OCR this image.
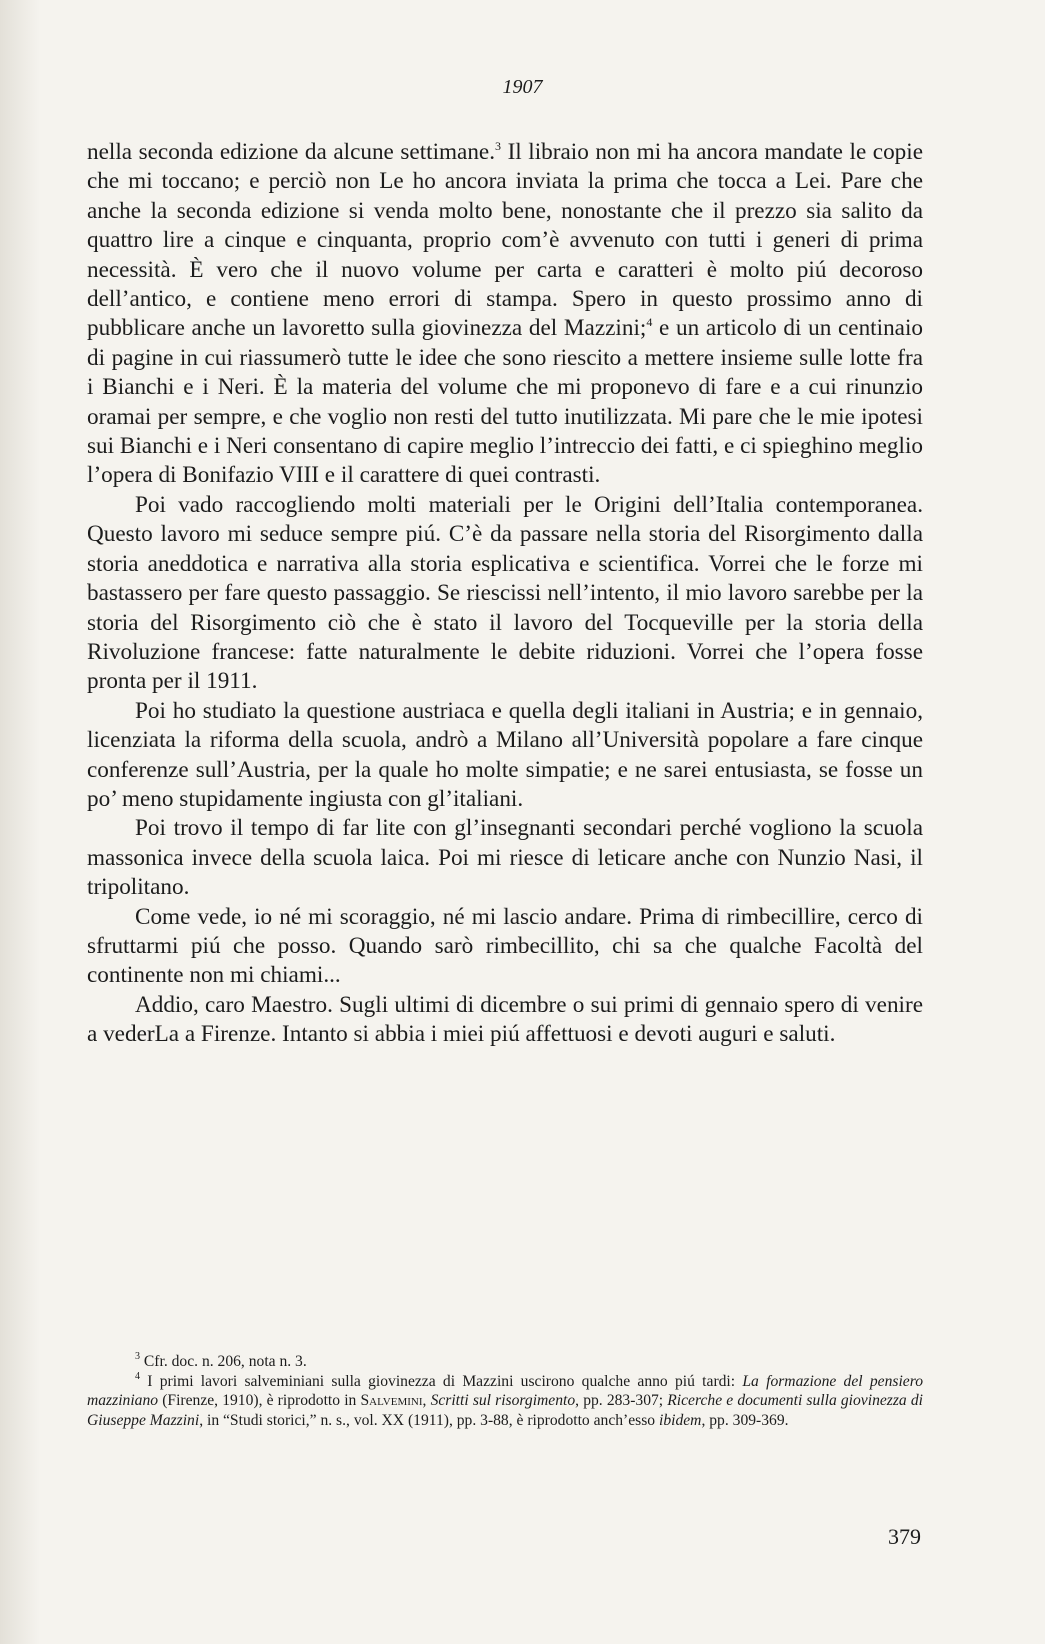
1907

nella seconda edizione da alcune settimane.$^3$ Il libraio non mi ha ancora mandate le copie che mi toccano; e perciò non Le ho ancora inviata la prima che tocca a Lei. Pare che anche la seconda edizione si venda molto bene, nonostante che il prezzo sia salito da quattro lire a cinque e cinquanta, proprio com’è avvenuto con tutti i generi di prima necessità. È vero che il nuovo volume per carta e caratteri è molto piú decoroso dell’antico, e contiene meno errori di stampa. Spero in questo prossimo anno di pubblicare anche un lavoretto sulla giovinezza del Mazzini;$^4$ e un articolo di un centinaio di pagine in cui riassumerò tutte le idee che sono riescito a mettere insieme sulle lotte fra i Bianchi e i Neri. È la materia del volume che mi proponevo di fare e a cui rinunzio oramai per sempre, e che voglio non resti del tutto inutilizzata. Mi pare che le mie ipotesi sui Bianchi e i Neri consentano di capire meglio l’intreccio dei fatti, e ci spieghino meglio l’opera di Bonifazio VIII e il carattere di quei contrasti.

Poi vado raccogliendo molti materiali per le Origini dell’Italia contemporanea. Questo lavoro mi seduce sempre piú. C’è da passare nella storia del Risorgimento dalla storia aneddotica e narrativa alla storia esplicativa e scientifica. Vorrei che le forze mi bastassero per fare questo passaggio. Se riescissi nell’intento, il mio lavoro sarebbe per la storia del Risorgimento ciò che è stato il lavoro del Tocqueville per la storia della Rivoluzione francese: fatte naturalmente le debite riduzioni. Vorrei che l’opera fosse pronta per il 1911.

Poi ho studiato la questione austriaca e quella degli italiani in Austria; e in gennaio, licenziata la riforma della scuola, andrò a Milano all’Università popolare a fare cinque conferenze sull’Austria, per la quale ho molte simpatie; e ne sarei entusiasta, se fosse un po’ meno stupidamente ingiusta con gl’italiani.

Poi trovo il tempo di far lite con gl’insegnanti secondari perché vogliono la scuola massonica invece della scuola laica. Poi mi riesce di leticare anche con Nunzio Nasi, il tripolitano.

Come vede, io né mi scoraggio, né mi lascio andare. Prima di rimbecillire, cerco di sfruttarmi piú che posso. Quando sarò rimbecillito, chi sa che qualche Facoltà del continente non mi chiami...

Addio, caro Maestro. Sugli ultimi di dicembre o sui primi di gennaio spero di venire a vederLa a Firenze. Intanto si abbia i miei piú affettuosi e devoti auguri e saluti.

$^3$ Cfr. doc. n. 206, nota n. 3.

$^4$ I primi lavori salveminiani sulla giovinezza di Mazzini uscirono qualche anno piú tardi: La formazione del pensiero mazziniano (Firenze, 1910), è riprodotto in Salvemini, Scritti sul risorgimento, pp. 283-307; Ricerche e documenti sulla giovinezza di Giuseppe Mazzini, in “Studi storici,” n. s., vol. XX (1911), pp. 3-88, è riprodotto anch’esso ibidem, pp. 309-369.

379
